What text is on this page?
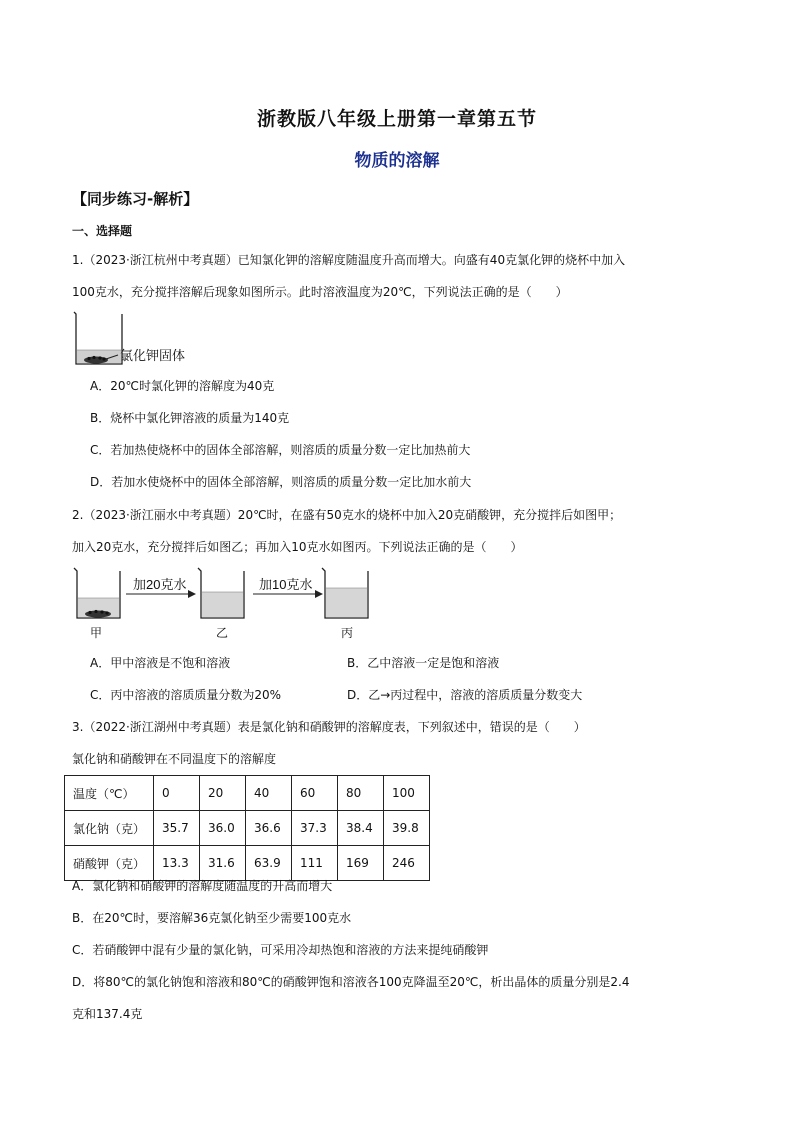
浙教版八年级上册第一章第五节
物质的溶解
【同步练习-解析】
一、选择题
1.（2023·浙江杭州中考真题）已知氯化钾的溶解度随温度升高而增大。向盛有40克氯化钾的烧杯中加入
100克水，充分搅拌溶解后现象如图所示。此时溶液温度为20℃，下列说法正确的是（　　）
氯化钾固体
A．20℃时氯化钾的溶解度为40克
B．烧杯中氯化钾溶液的质量为140克
C．若加热使烧杯中的固体全部溶解，则溶质的质量分数一定比加热前大
D．若加水使烧杯中的固体全部溶解，则溶质的质量分数一定比加水前大
2.（2023·浙江丽水中考真题）20℃时，在盛有50克水的烧杯中加入20克硝酸钾，充分搅拌后如图甲；
加入20克水，充分搅拌后如图乙；再加入10克水如图丙。下列说法正确的是（　　）
加20克水	加10克水
甲	乙	丙
A．甲中溶液是不饱和溶液	B．乙中溶液一定是饱和溶液
C．丙中溶液的溶质质量分数为20%	D．乙→丙过程中，溶液的溶质质量分数变大
3.（2022·浙江湖州中考真题）表是氯化钠和硝酸钾的溶解度表，下列叙述中，错误的是（　　）
氯化钠和硝酸钾在不同温度下的溶解度
温度（℃）	0	20	40	60	80	100
氯化钠（克）	35.7	36.0	36.6	37.3	38.4	39.8
硝酸钾（克）	13.3	31.6	63.9	111	169	246
A．氯化钠和硝酸钾的溶解度随温度的升高而增大
B．在20℃时，要溶解36克氯化钠至少需要100克水
C．若硝酸钾中混有少量的氯化钠，可采用冷却热饱和溶液的方法来提纯硝酸钾
D．将80℃的氯化钠饱和溶液和80℃的硝酸钾饱和溶液各100克降温至20℃，析出晶体的质量分别是2.4
克和137.4克
